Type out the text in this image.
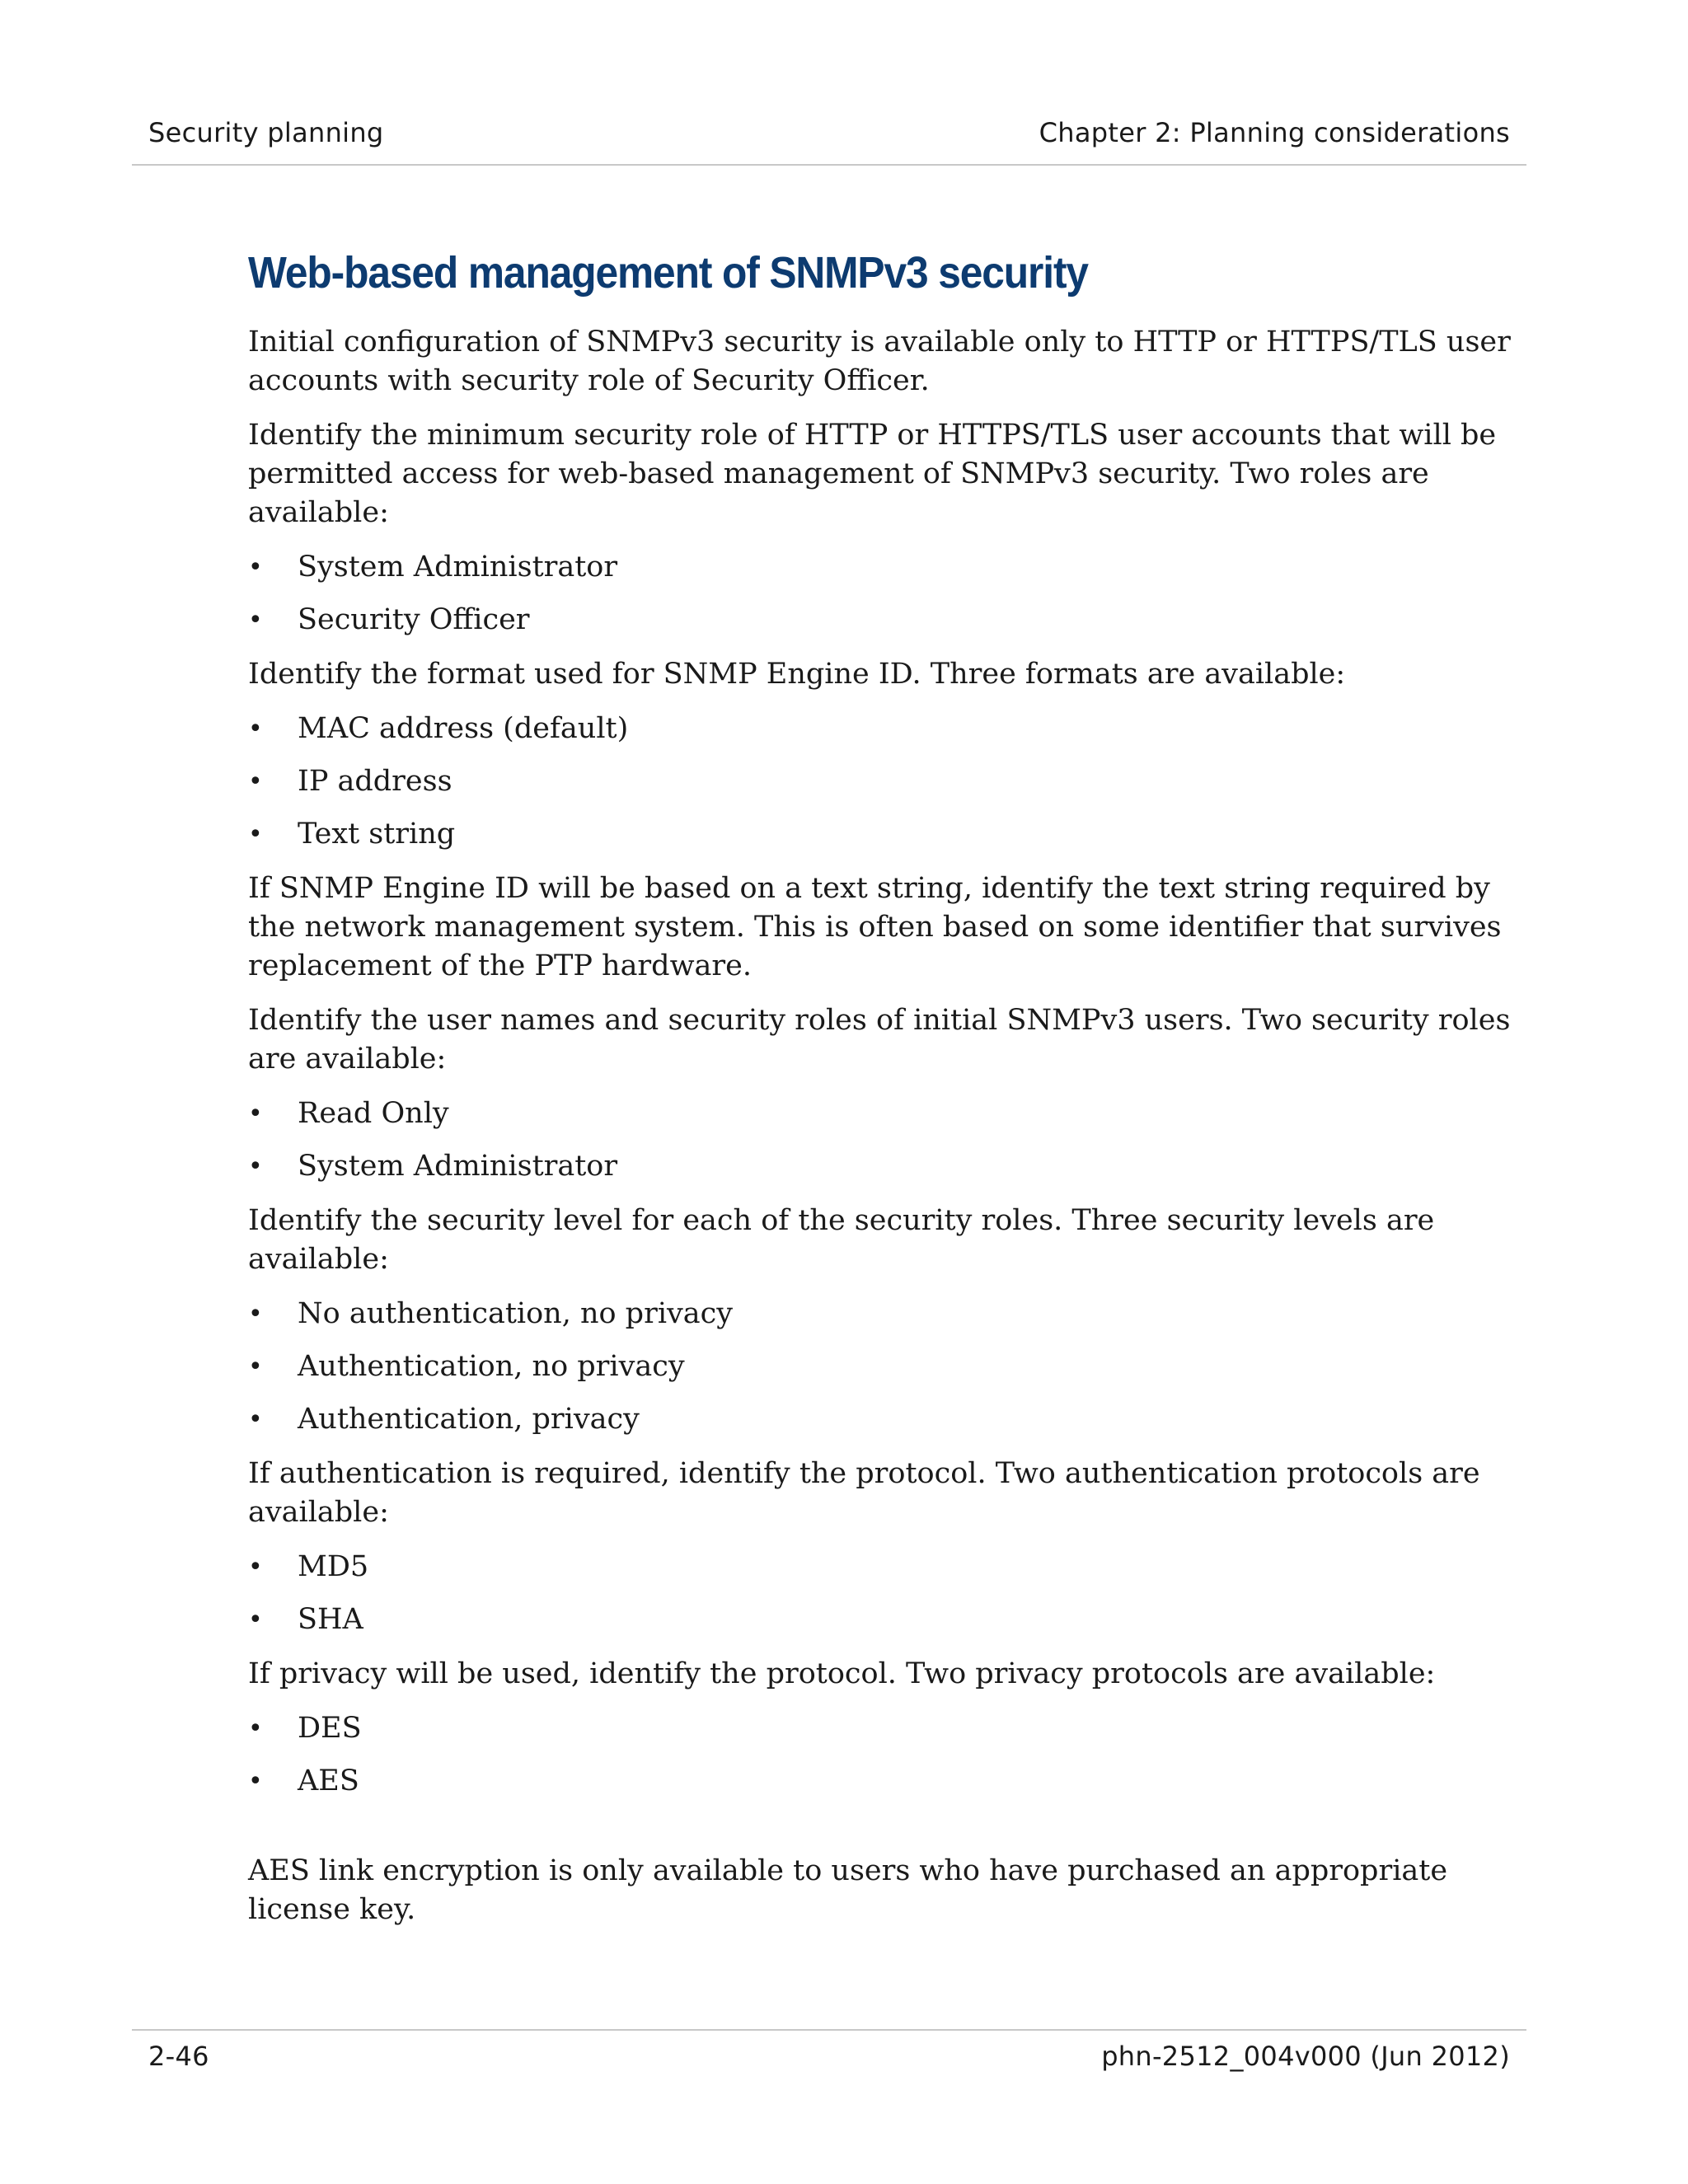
Security planning	Chapter 2: Planning considerations
Web-based management of SNMPv3 security

Initial configuration of SNMPv3 security is available only to HTTP or HTTPS/TLS user accounts with security role of Security Officer.

Identify the minimum security role of HTTP or HTTPS/TLS user accounts that will be permitted access for web-based management of SNMPv3 security. Two roles are available:

• System Administrator
• Security Officer

Identify the format used for SNMP Engine ID. Three formats are available:

• MAC address (default)
• IP address
• Text string

If SNMP Engine ID will be based on a text string, identify the text string required by the network management system. This is often based on some identifier that survives replacement of the PTP hardware.

Identify the user names and security roles of initial SNMPv3 users. Two security roles are available:

• Read Only
• System Administrator

Identify the security level for each of the security roles. Three security levels are available:

• No authentication, no privacy
• Authentication, no privacy
• Authentication, privacy

If authentication is required, identify the protocol. Two authentication protocols are available:

• MD5
• SHA

If privacy will be used, identify the protocol. Two privacy protocols are available:

• DES
• AES

AES link encryption is only available to users who have purchased an appropriate license key.

2-46	phn-2512_004v000 (Jun 2012)
